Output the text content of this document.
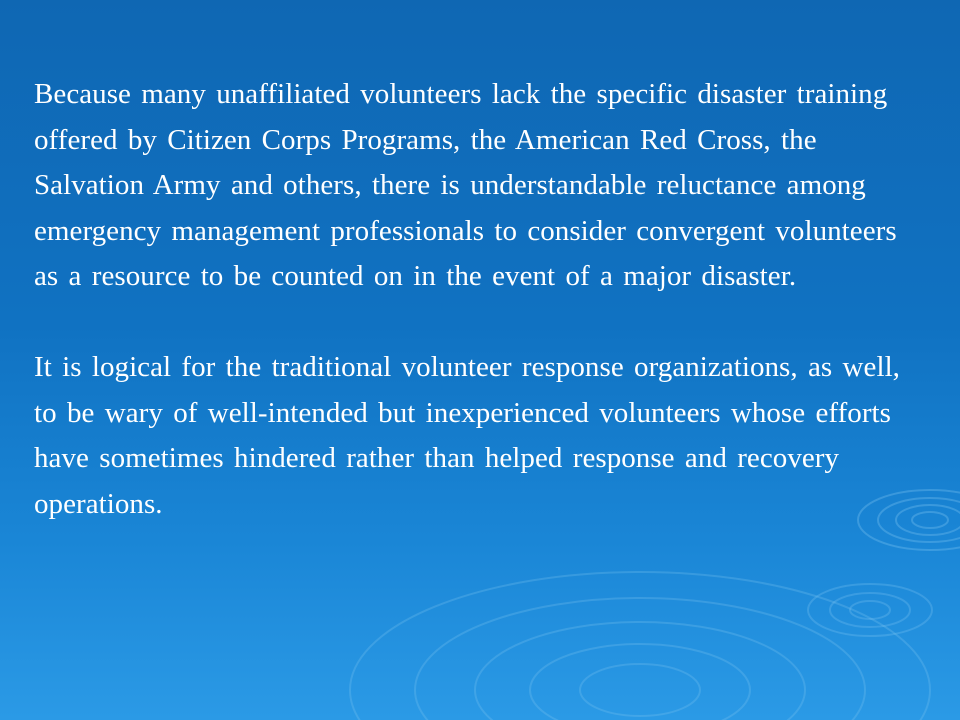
Because many unaffiliated volunteers lack the specific disaster training offered by Citizen Corps Programs, the American Red Cross, the Salvation Army and others, there is understandable reluctance among emergency management professionals to consider convergent volunteers as a resource to be counted on in the event of a major disaster.

It is logical for the traditional volunteer response organizations, as well, to be wary of well-intended but inexperienced volunteers whose efforts have sometimes hindered rather than helped response and recovery operations.
